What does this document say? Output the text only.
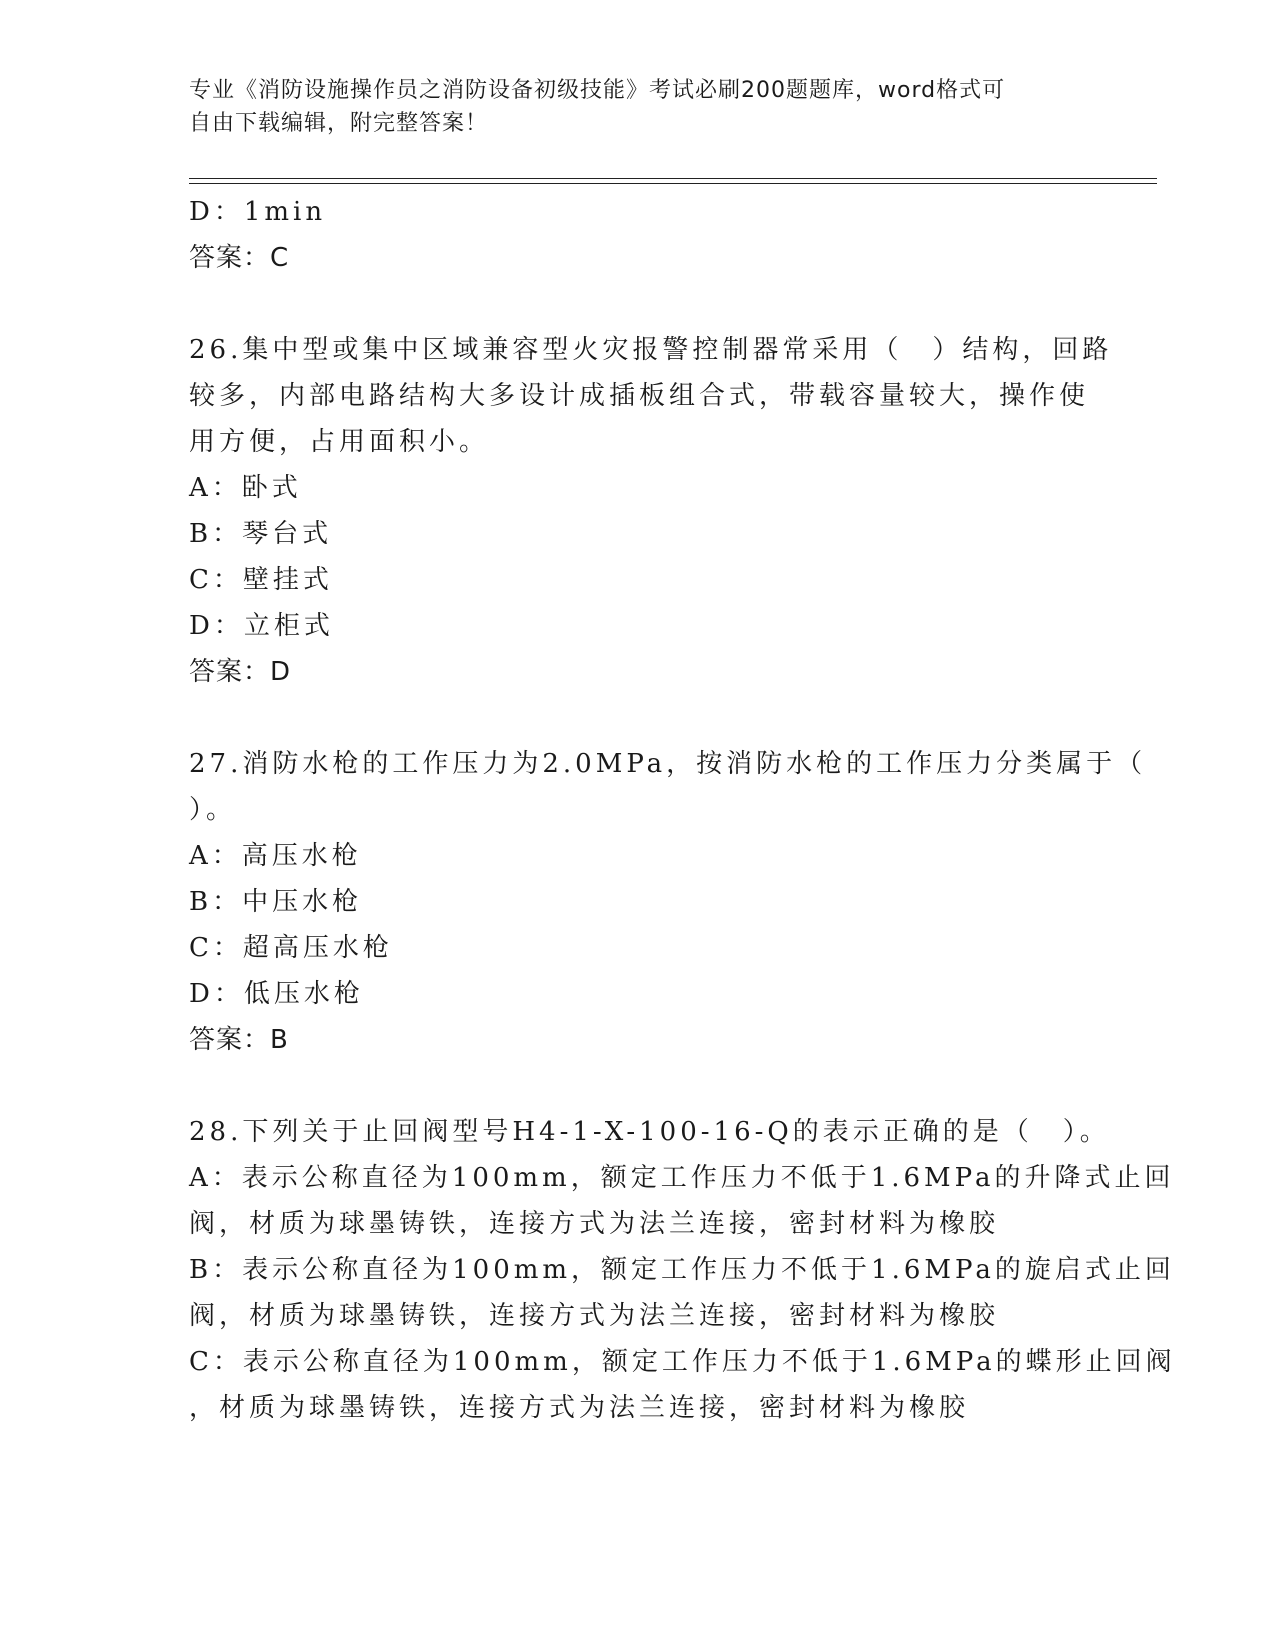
专业《消防设施操作员之消防设备初级技能》考试必刷200题题库，word格式可
自由下载编辑，附完整答案！
D：1min
答案：C
26.集中型或集中区域兼容型火灾报警控制器常采用（　）结构，回路
较多，内部电路结构大多设计成插板组合式，带载容量较大，操作使
用方便，占用面积小。
A：卧式
B：琴台式
C：壁挂式
D：立柜式
答案：D
27.消防水枪的工作压力为2.0MPa，按消防水枪的工作压力分类属于（
）。
A：高压水枪
B：中压水枪
C：超高压水枪
D：低压水枪
答案：B
28.下列关于止回阀型号H4-1-X-100-16-Q的表示正确的是（　）。
A：表示公称直径为100mm，额定工作压力不低于1.6MPa的升降式止回
阀，材质为球墨铸铁，连接方式为法兰连接，密封材料为橡胶
B：表示公称直径为100mm，额定工作压力不低于1.6MPa的旋启式止回
阀，材质为球墨铸铁，连接方式为法兰连接，密封材料为橡胶
C：表示公称直径为100mm，额定工作压力不低于1.6MPa的蝶形止回阀
，材质为球墨铸铁，连接方式为法兰连接，密封材料为橡胶
